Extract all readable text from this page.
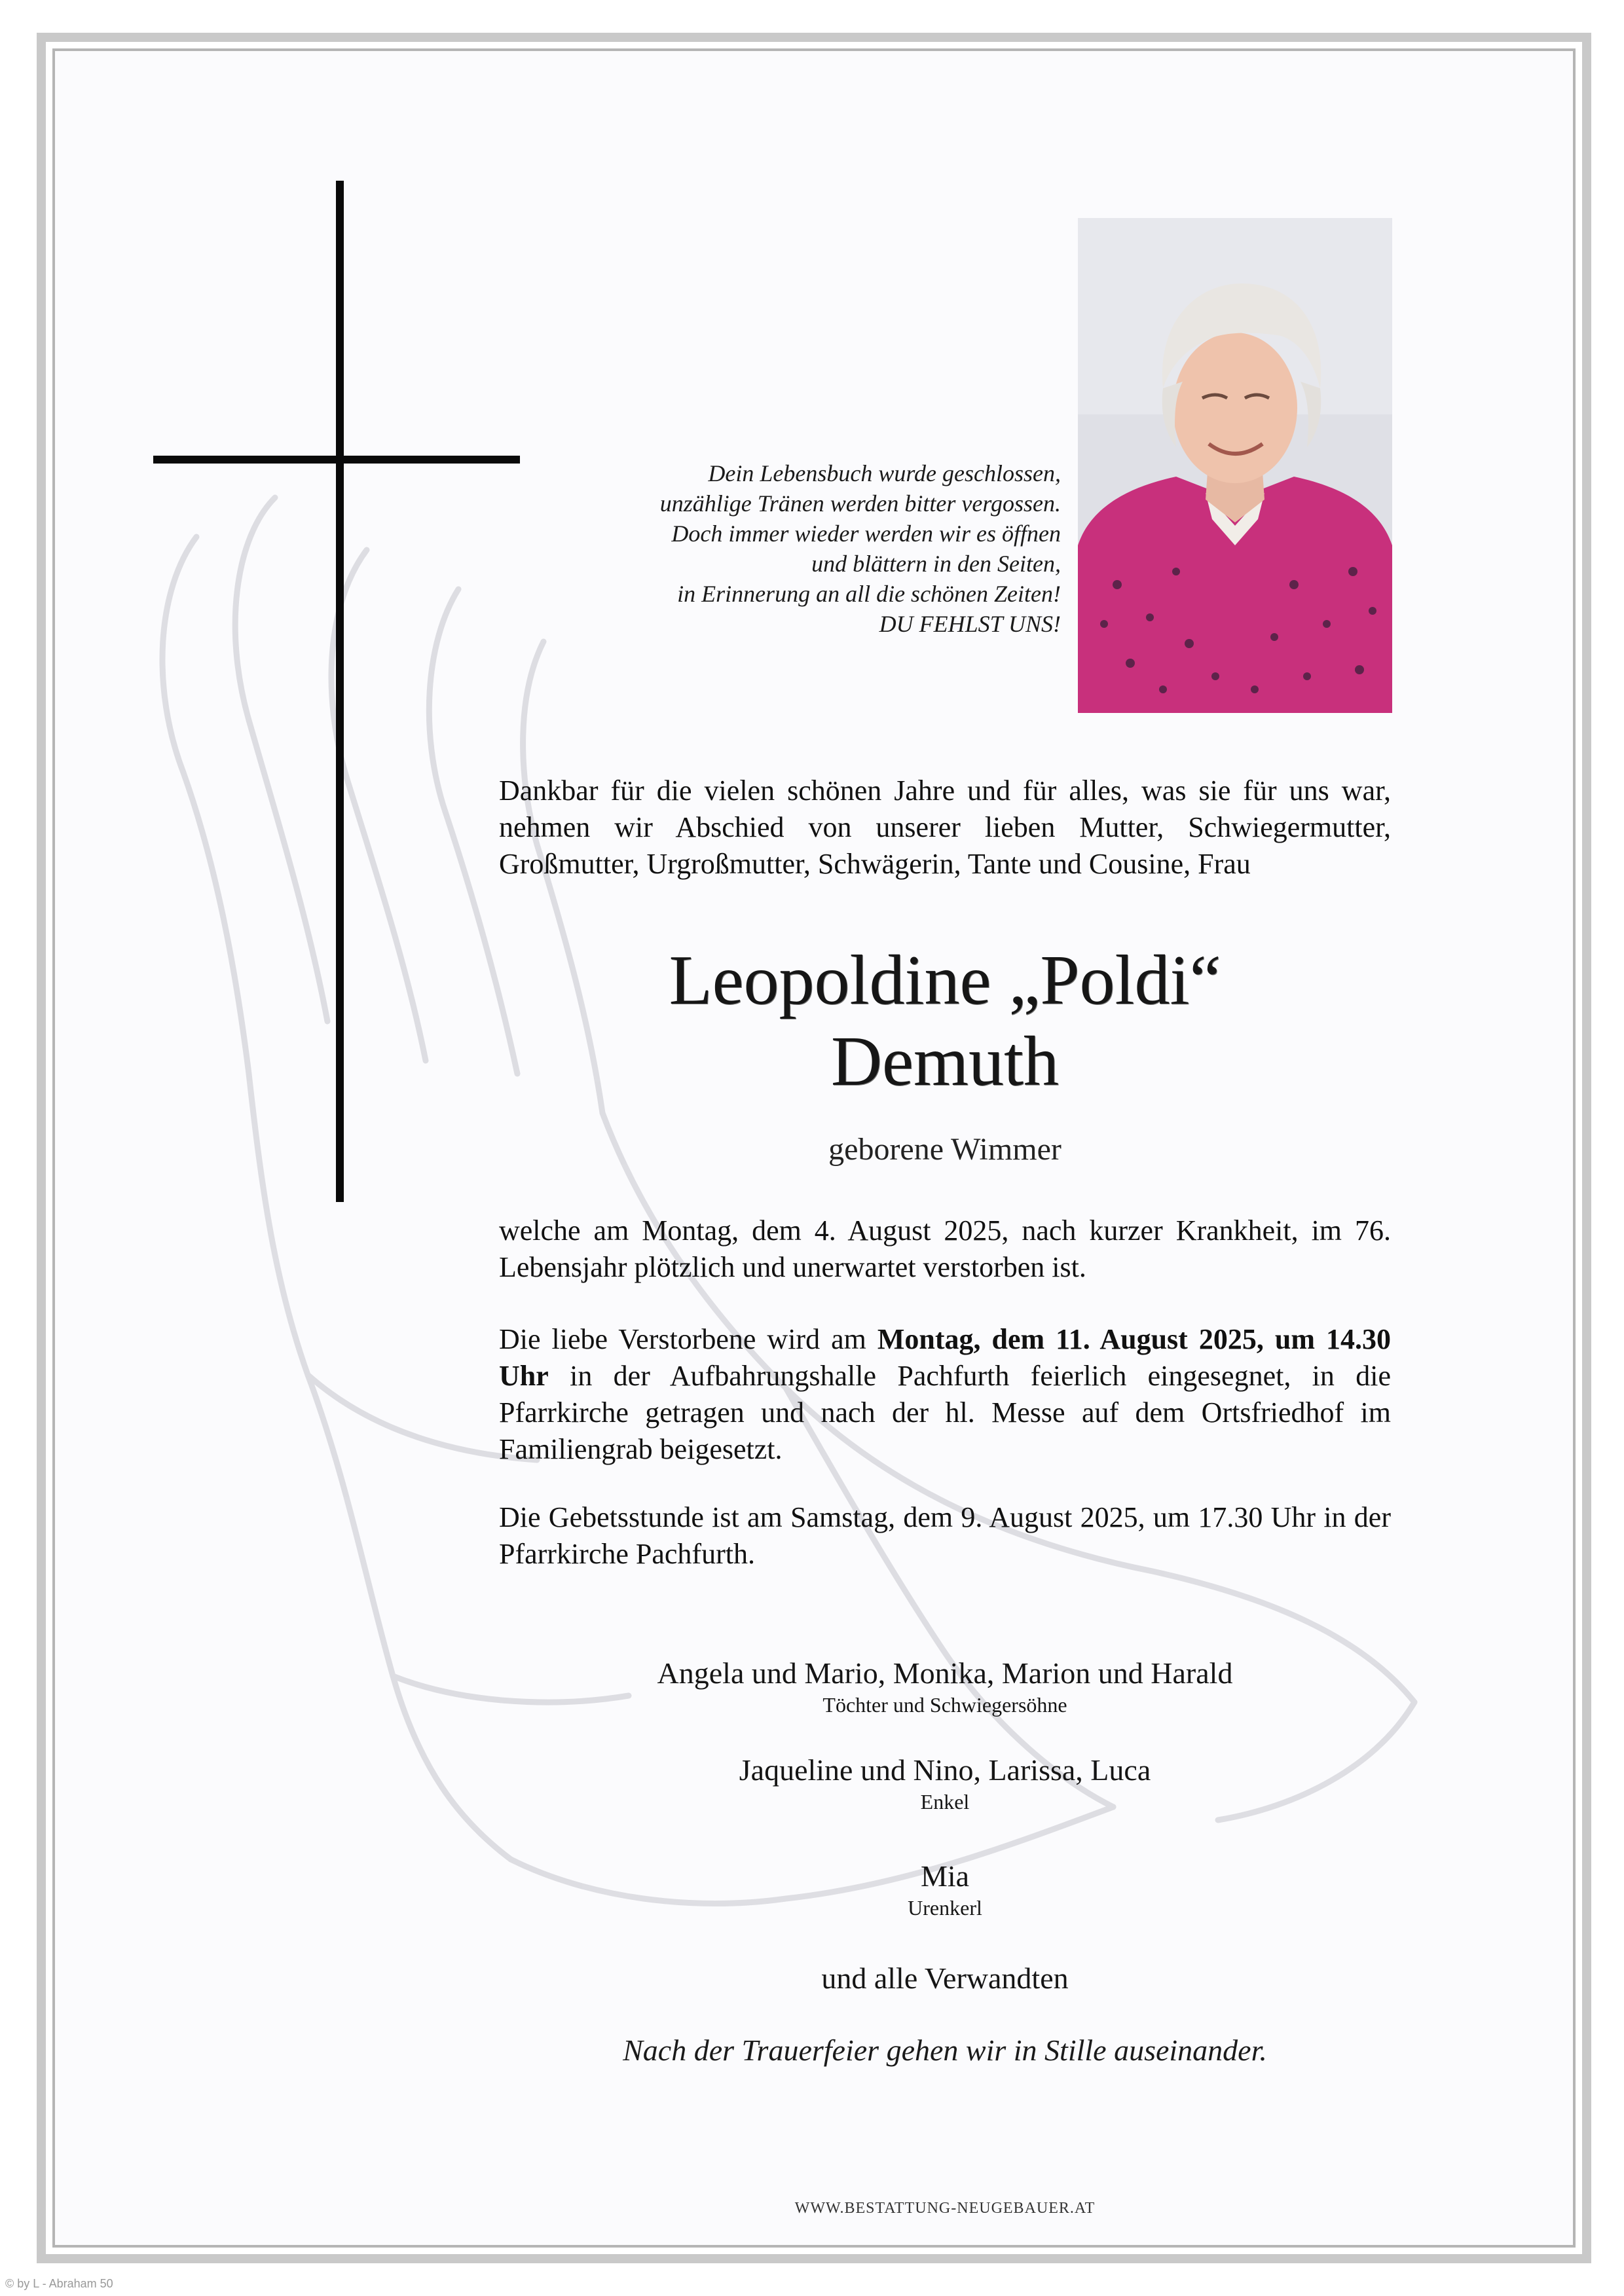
Dein Lebensbuch wurde geschlossen,
unzählige Tränen werden bitter vergossen.
Doch immer wieder werden wir es öffnen
und blättern in den Seiten,
in Erinnerung an all die schönen Zeiten!
DU FEHLST UNS!
Dankbar für die vielen schönen Jahre und für alles, was sie für uns war, nehmen wir Abschied von unserer lieben Mutter, Schwiegermutter, Großmutter, Urgroßmutter, Schwägerin, Tante und Cousine, Frau
Leopoldine „Poldi“
Demuth
geborene Wimmer
welche am Montag, dem 4. August 2025, nach kurzer Krankheit, im 76. Lebensjahr plötzlich und unerwartet verstorben ist.
Die liebe Verstorbene wird am Montag, dem 11. August 2025, um 14.30 Uhr in der Aufbahrungshalle Pachfurth feierlich eingesegnet, in die Pfarrkirche getragen und nach der hl. Messe auf dem Ortsfriedhof im Familiengrab beigesetzt.
Die Gebetsstunde ist am Samstag, dem 9. August 2025, um 17.30 Uhr in der Pfarrkirche Pachfurth.
Angela und Mario, Monika, Marion und Harald
Töchter und Schwiegersöhne
Jaqueline und Nino, Larissa, Luca
Enkel
Mia
Urenkerl
und alle Verwandten
Nach der Trauerfeier gehen wir in Stille auseinander.
WWW.BESTATTUNG-NEUGEBAUER.AT
© by L - Abraham 50
